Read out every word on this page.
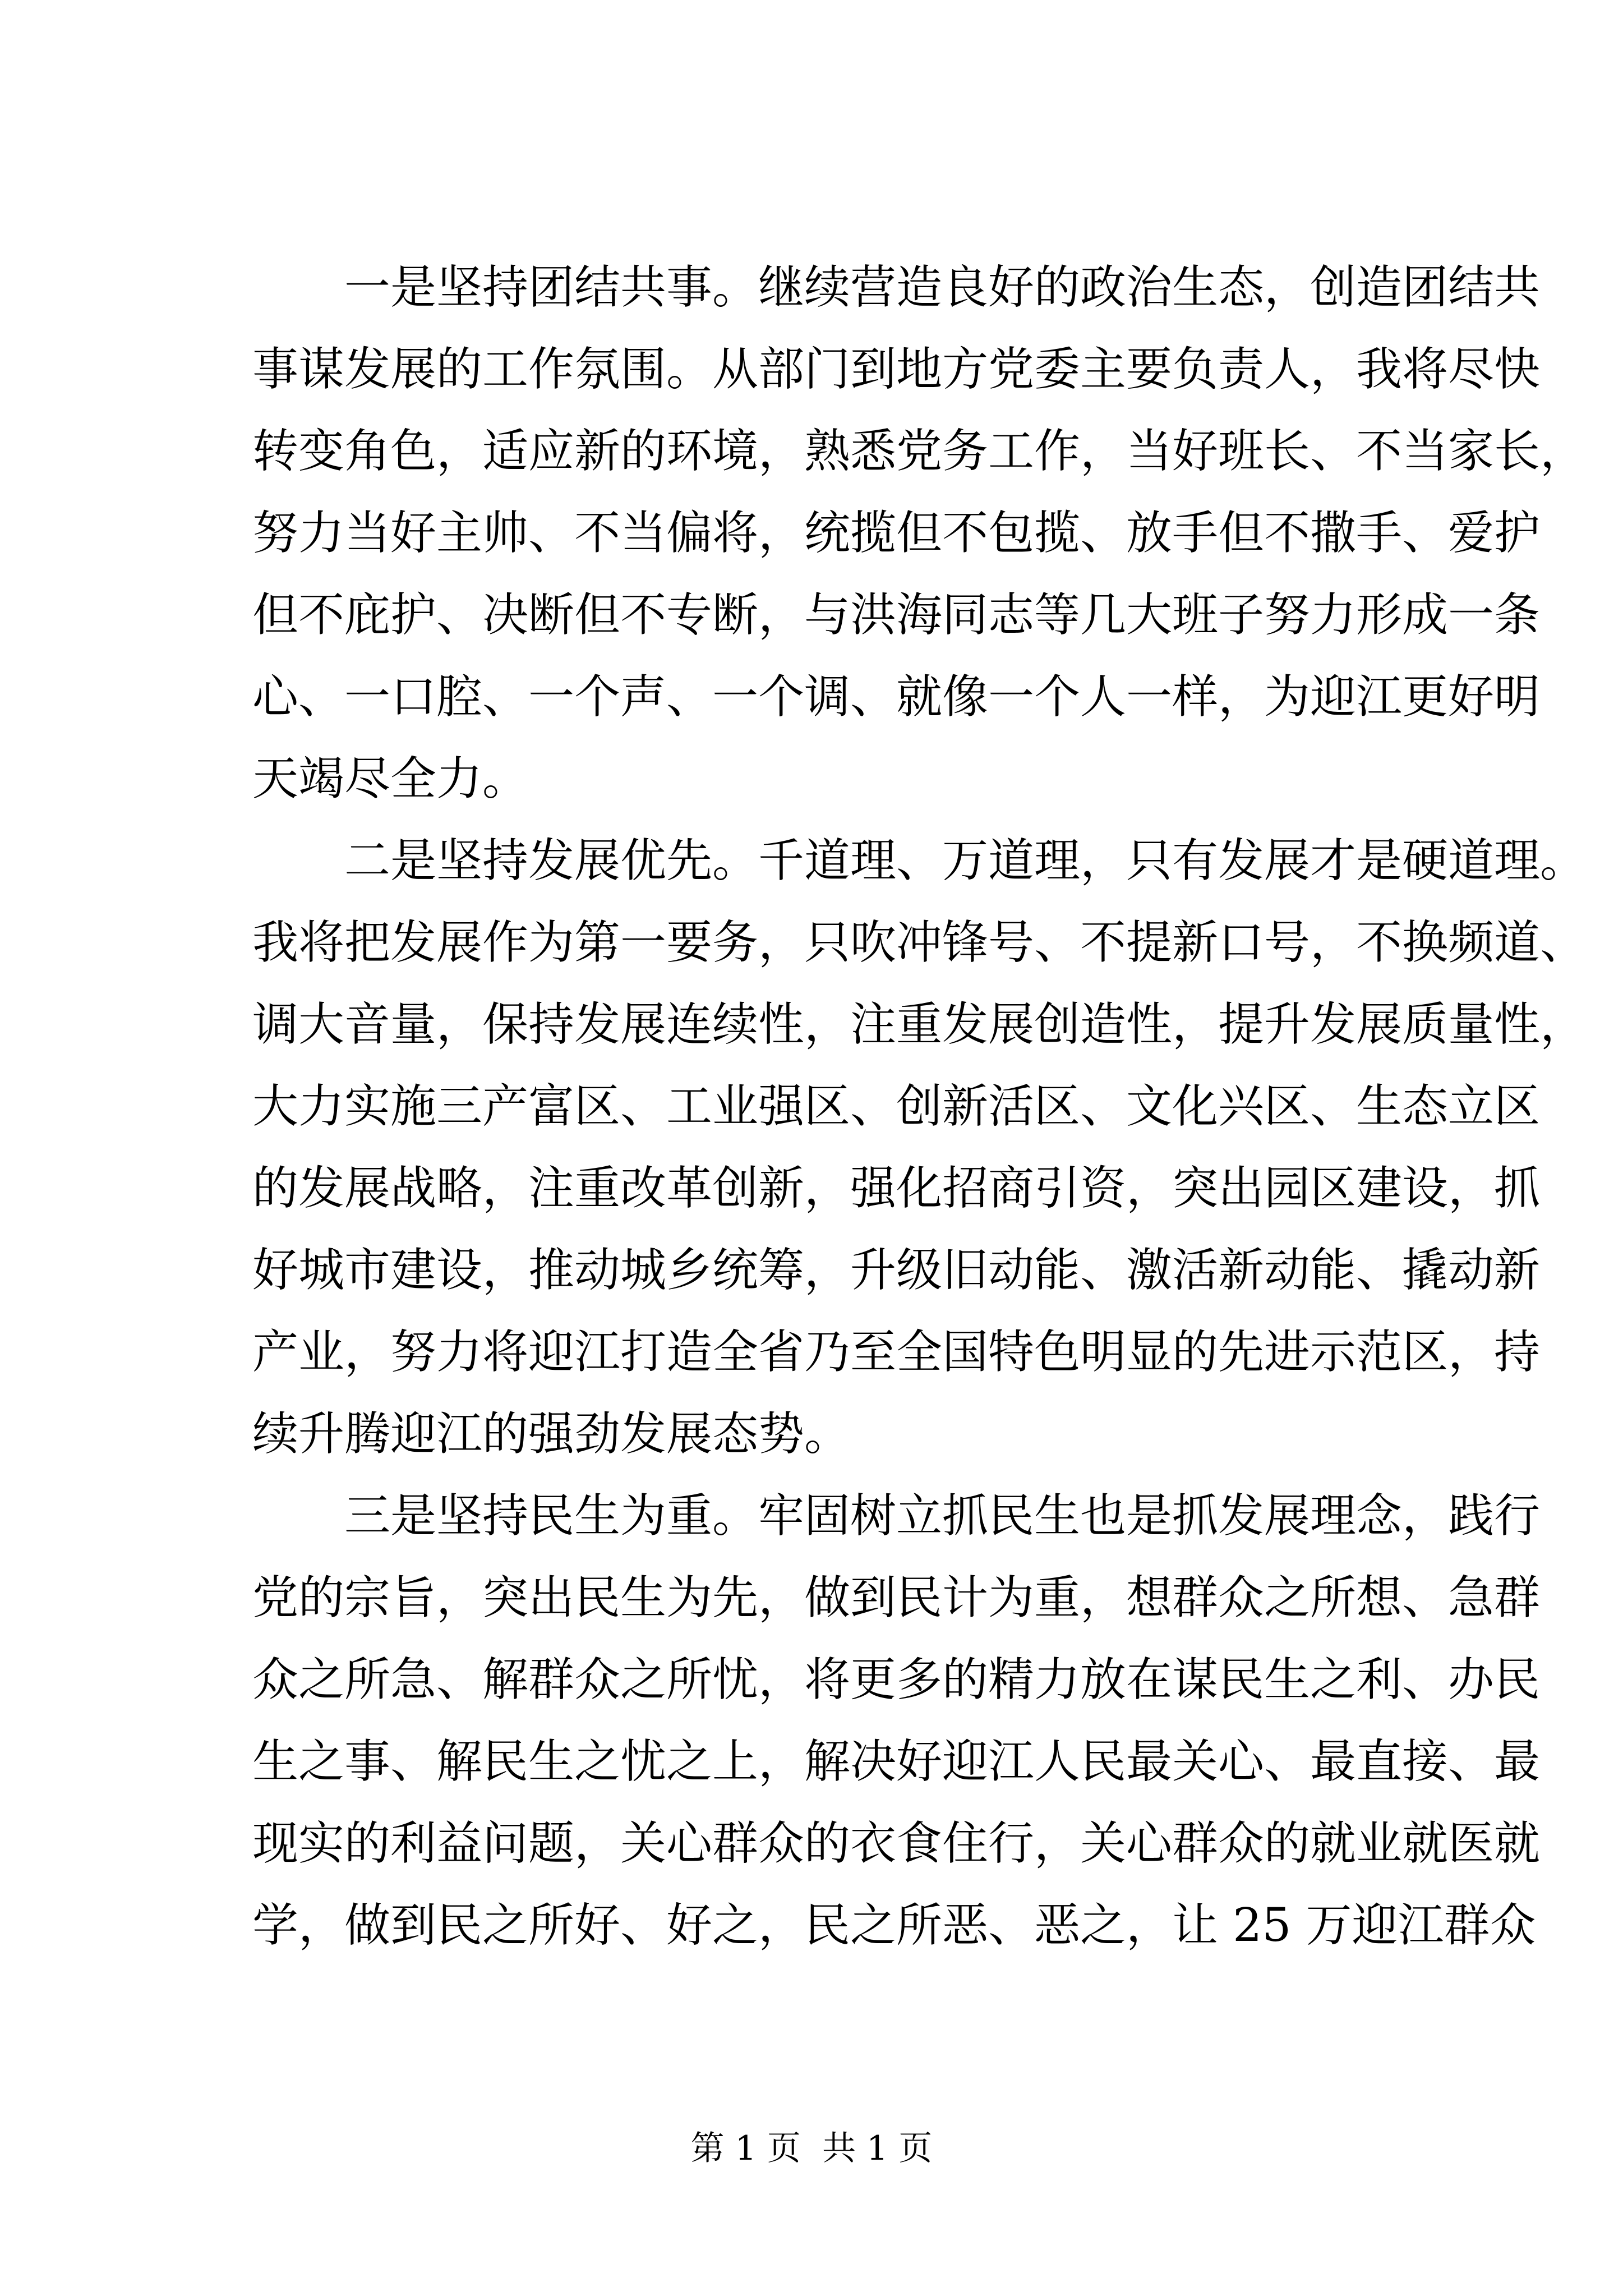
一是坚持团结共事。继续营造良好的政治生态，创造团结共
事谋发展的工作氛围。从部门到地方党委主要负责人，我将尽快
转变角色，适应新的环境，熟悉党务工作，当好班长、不当家长，
努力当好主帅、不当偏将，统揽但不包揽、放手但不撒手、爱护
但不庇护、决断但不专断，与洪海同志等几大班子努力形成一条
心、一口腔、一个声、一个调、就像一个人一样，为迎江更好明
天竭尽全力。
二是坚持发展优先。千道理、万道理，只有发展才是硬道理。
我将把发展作为第一要务，只吹冲锋号、不提新口号，不换频道、
调大音量，保持发展连续性，注重发展创造性，提升发展质量性，
大力实施三产富区、工业强区、创新活区、文化兴区、生态立区
的发展战略，注重改革创新，强化招商引资，突出园区建设，抓
好城市建设，推动城乡统筹，升级旧动能、激活新动能、撬动新
产业，努力将迎江打造全省乃至全国特色明显的先进示范区，持
续升腾迎江的强劲发展态势。
三是坚持民生为重。牢固树立抓民生也是抓发展理念，践行
党的宗旨，突出民生为先，做到民计为重，想群众之所想、急群
众之所急、解群众之所忧，将更多的精力放在谋民生之利、办民
生之事、解民生之忧之上，解决好迎江人民最关心、最直接、最
现实的利益问题，关心群众的衣食住行，关心群众的就业就医就
学，做到民之所好、好之，民之所恶、恶之，让 25 万迎江群众
第 1 页  共 1 页
